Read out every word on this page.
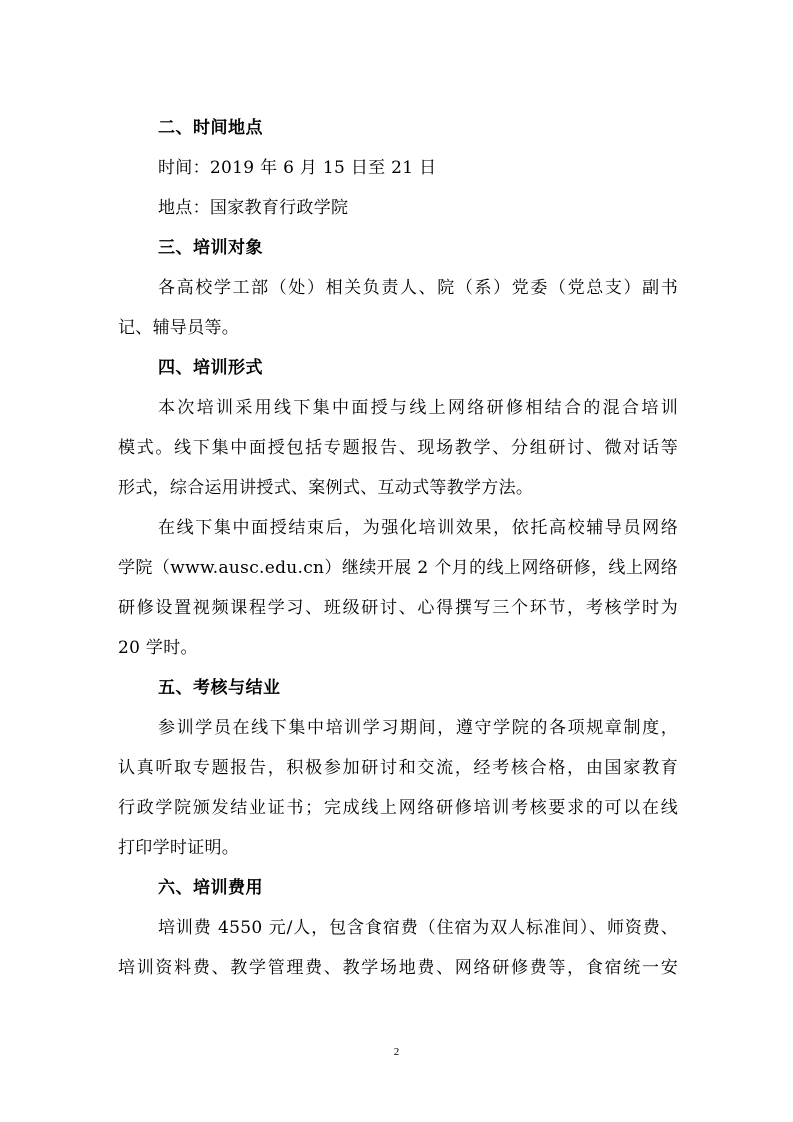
二、时间地点
时间：2019 年 6 月 15 日至 21 日
地点：国家教育行政学院
三、培训对象
各高校学工部（处）相关负责人、院（系）党委（党总支）副书
记、辅导员等。
四、培训形式
本次培训采用线下集中面授与线上网络研修相结合的混合培训
模式。线下集中面授包括专题报告、现场教学、分组研讨、微对话等
形式，综合运用讲授式、案例式、互动式等教学方法。
在线下集中面授结束后，为强化培训效果，依托高校辅导员网络
学院（www.ausc.edu.cn）继续开展 2 个月的线上网络研修，线上网络
研修设置视频课程学习、班级研讨、心得撰写三个环节，考核学时为
20 学时。
五、考核与结业
参训学员在线下集中培训学习期间，遵守学院的各项规章制度，
认真听取专题报告，积极参加研讨和交流，经考核合格，由国家教育
行政学院颁发结业证书；完成线上网络研修培训考核要求的可以在线
打印学时证明。
六、培训费用
培训费 4550 元/人，包含食宿费（住宿为双人标准间）、师资费、
培训资料费、教学管理费、教学场地费、网络研修费等，食宿统一安
2
